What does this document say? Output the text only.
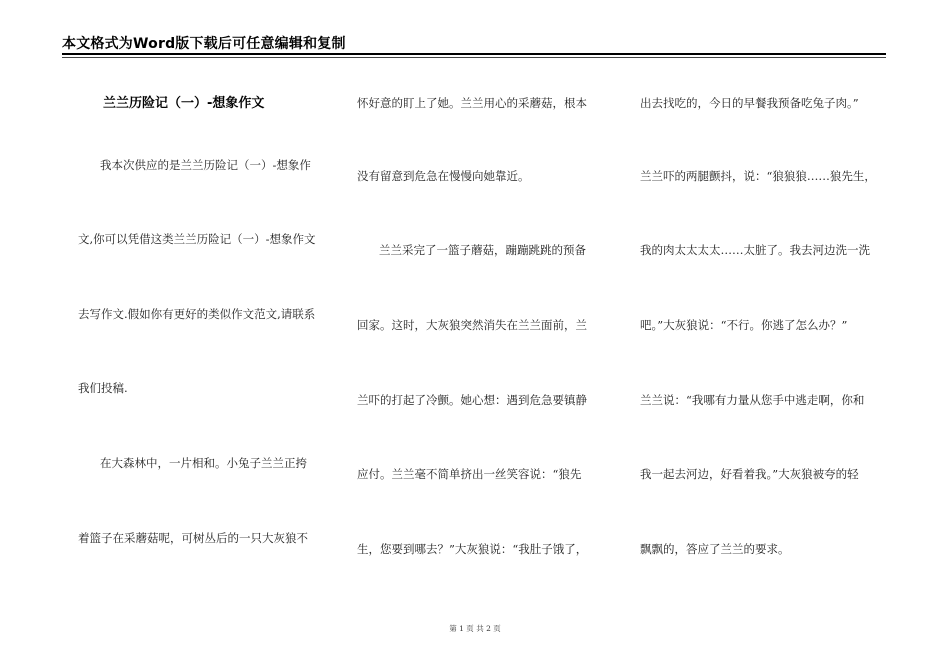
本文格式为Word版下载后可任意编辑和复制
兰兰历险记（一）-想象作文
我本次供应的是兰兰历险记（一）-想象作
文,你可以凭借这类兰兰历险记（一）-想象作文
去写作文.假如你有更好的类似作文范文,请联系
我们投稿.
在大森林中，一片相和。小兔子兰兰正挎
着篮子在采蘑菇呢，可树丛后的一只大灰狼不
怀好意的盯上了她。兰兰用心的采蘑菇，根本
没有留意到危急在慢慢向她靠近。
兰兰采完了一篮子蘑菇，蹦蹦跳跳的预备
回家。这时，大灰狼突然消失在兰兰面前，兰
兰吓的打起了冷颤。她心想：遇到危急要镇静
应付。兰兰毫不简单挤出一丝笑容说：“狼先
生，您要到哪去？”大灰狼说：“我肚子饿了，
出去找吃的，今日的早餐我预备吃兔子肉。”
兰兰吓的两腿颤抖，说：“狼狼狼……狼先生，
我的肉太太太太……太脏了。我去河边洗一洗
吧。”大灰狼说：“不行。你逃了怎么办？”
兰兰说：“我哪有力量从您手中逃走啊，你和
我一起去河边，好看着我。”大灰狼被夸的轻
飘飘的，答应了兰兰的要求。
第 1 页 共 2 页
